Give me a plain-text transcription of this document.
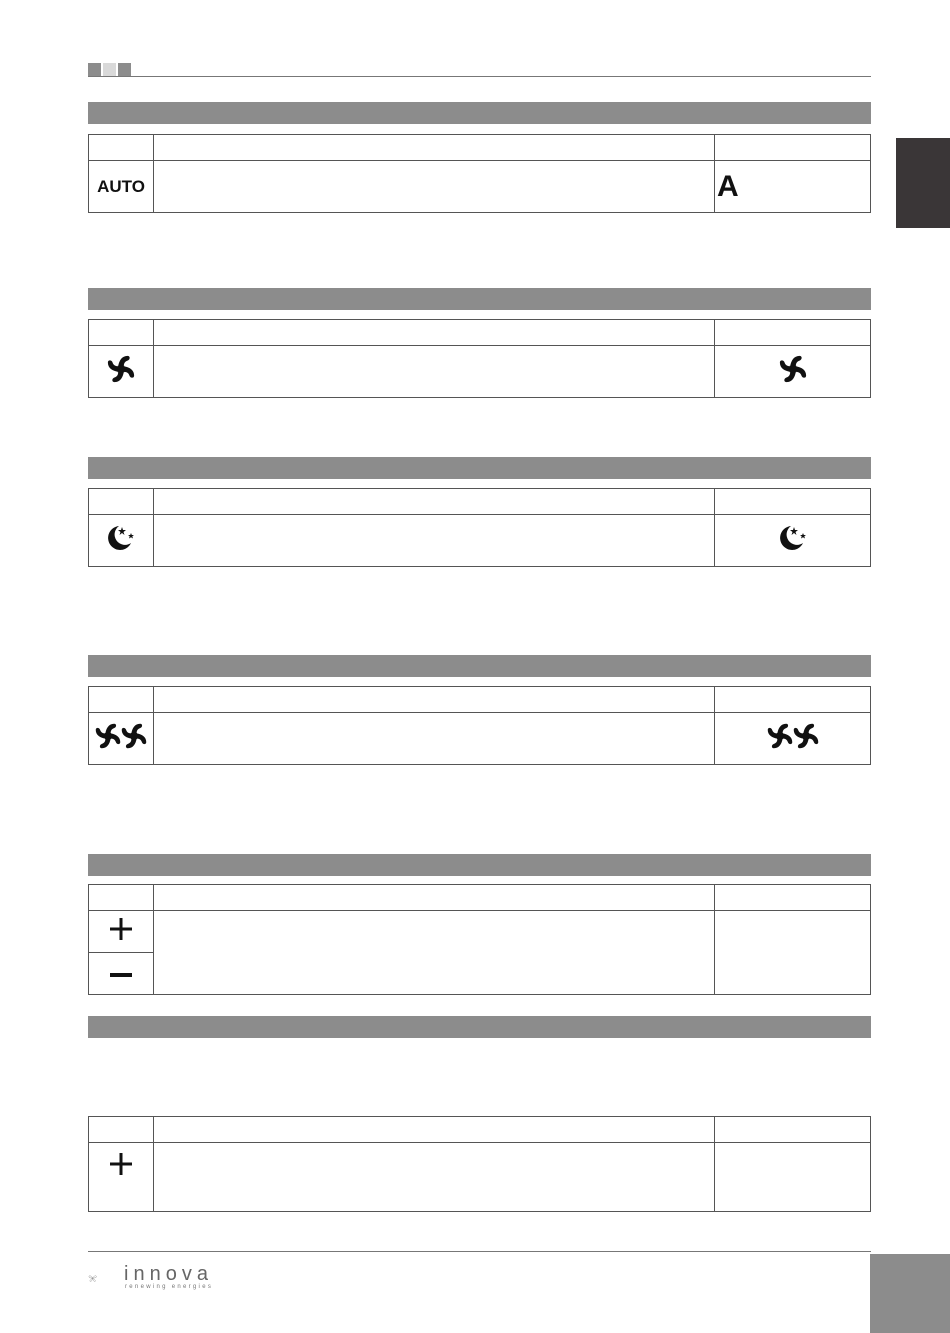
AUTO		A

innova
renewing energies
